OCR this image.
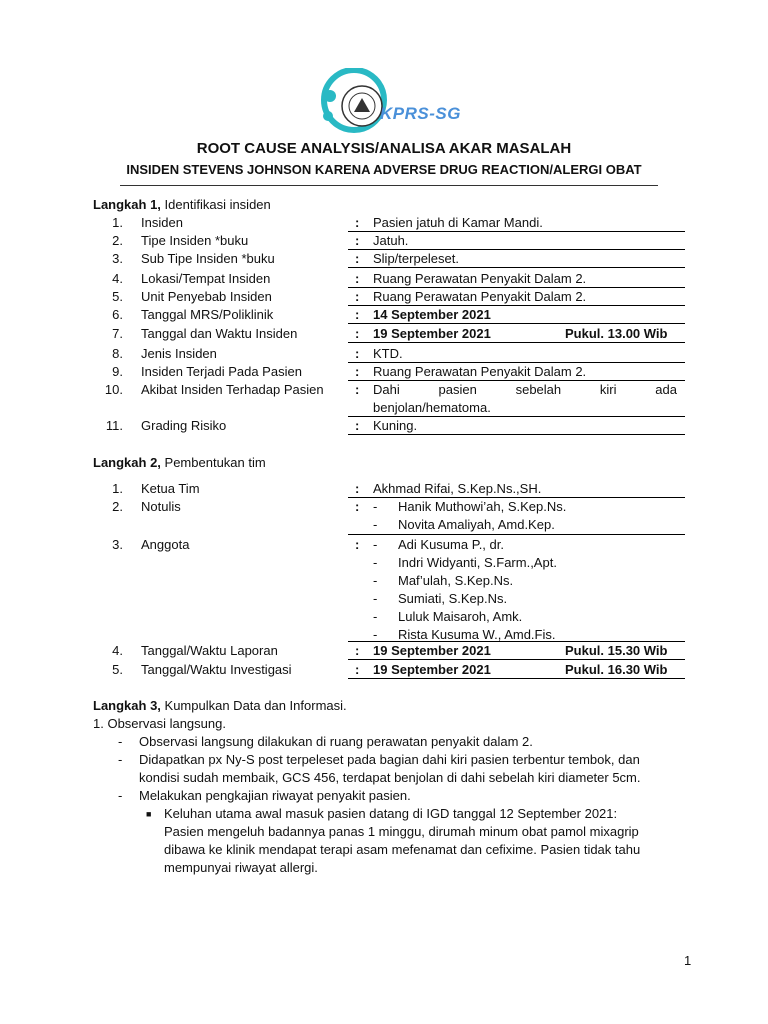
KPRS-SG
ROOT CAUSE ANALYSIS/ANALISA AKAR MASALAH
INSIDEN STEVENS JOHNSON KARENA ADVERSE DRUG REACTION/ALERGI OBAT
Langkah 1, Identifikasi insiden
1. Insiden	: Pasien jatuh di Kamar Mandi.
2. Tipe Insiden *buku	: Jatuh.
3. Sub Tipe Insiden *buku	: Slip/terpeleset.
4. Lokasi/Tempat Insiden	: Ruang Perawatan Penyakit Dalam 2.
5. Unit Penyebab Insiden	: Ruang Perawatan Penyakit Dalam 2.
6. Tanggal MRS/Poliklinik	: 14 September 2021
7. Tanggal dan Waktu Insiden	: 19 September 2021	Pukul. 13.00 Wib
8. Jenis Insiden	: KTD.
9. Insiden Terjadi Pada Pasien	: Ruang Perawatan Penyakit Dalam 2.
10. Akibat Insiden Terhadap Pasien : Dahi	pasien	sebelah	kiri	ada
benjolan/hematoma.
11. Grading Risiko	: Kuning.
Langkah 2, Pembentukan tim
1. Ketua Tim	: Akhmad Rifai, S.Kep.Ns.,SH.
2. Notulis	: - Hanik Muthowi’ah, S.Kep.Ns.
- Novita Amaliyah, Amd.Kep.
3. Anggota	: - Adi Kusuma P., dr.
- Indri Widyanti, S.Farm.,Apt.
- Maf’ulah, S.Kep.Ns.
- Sumiati, S.Kep.Ns.
- Luluk Maisaroh, Amk.
- Rista Kusuma W., Amd.Fis.
4. Tanggal/Waktu Laporan	: 19 September 2021	Pukul. 15.30 Wib
5. Tanggal/Waktu Investigasi	: 19 September 2021	Pukul. 16.30 Wib
Langkah 3, Kumpulkan Data dan Informasi.
1. Observasi langsung.
- Observasi langsung dilakukan di ruang perawatan penyakit dalam 2.
- Didapatkan px Ny-S post terpeleset pada bagian dahi kiri pasien terbentur tembok, dan
kondisi sudah membaik, GCS 456, terdapat benjolan di dahi sebelah kiri diameter 5cm.
- Melakukan pengkajian riwayat penyakit pasien.
■ Keluhan utama awal masuk pasien datang di IGD tanggal 12 September 2021:
Pasien mengeluh badannya panas 1 minggu, dirumah minum obat pamol mixagrip
dibawa ke klinik mendapat terapi asam mefenamat dan cefixime. Pasien tidak tahu
mempunyai riwayat allergi.
1
